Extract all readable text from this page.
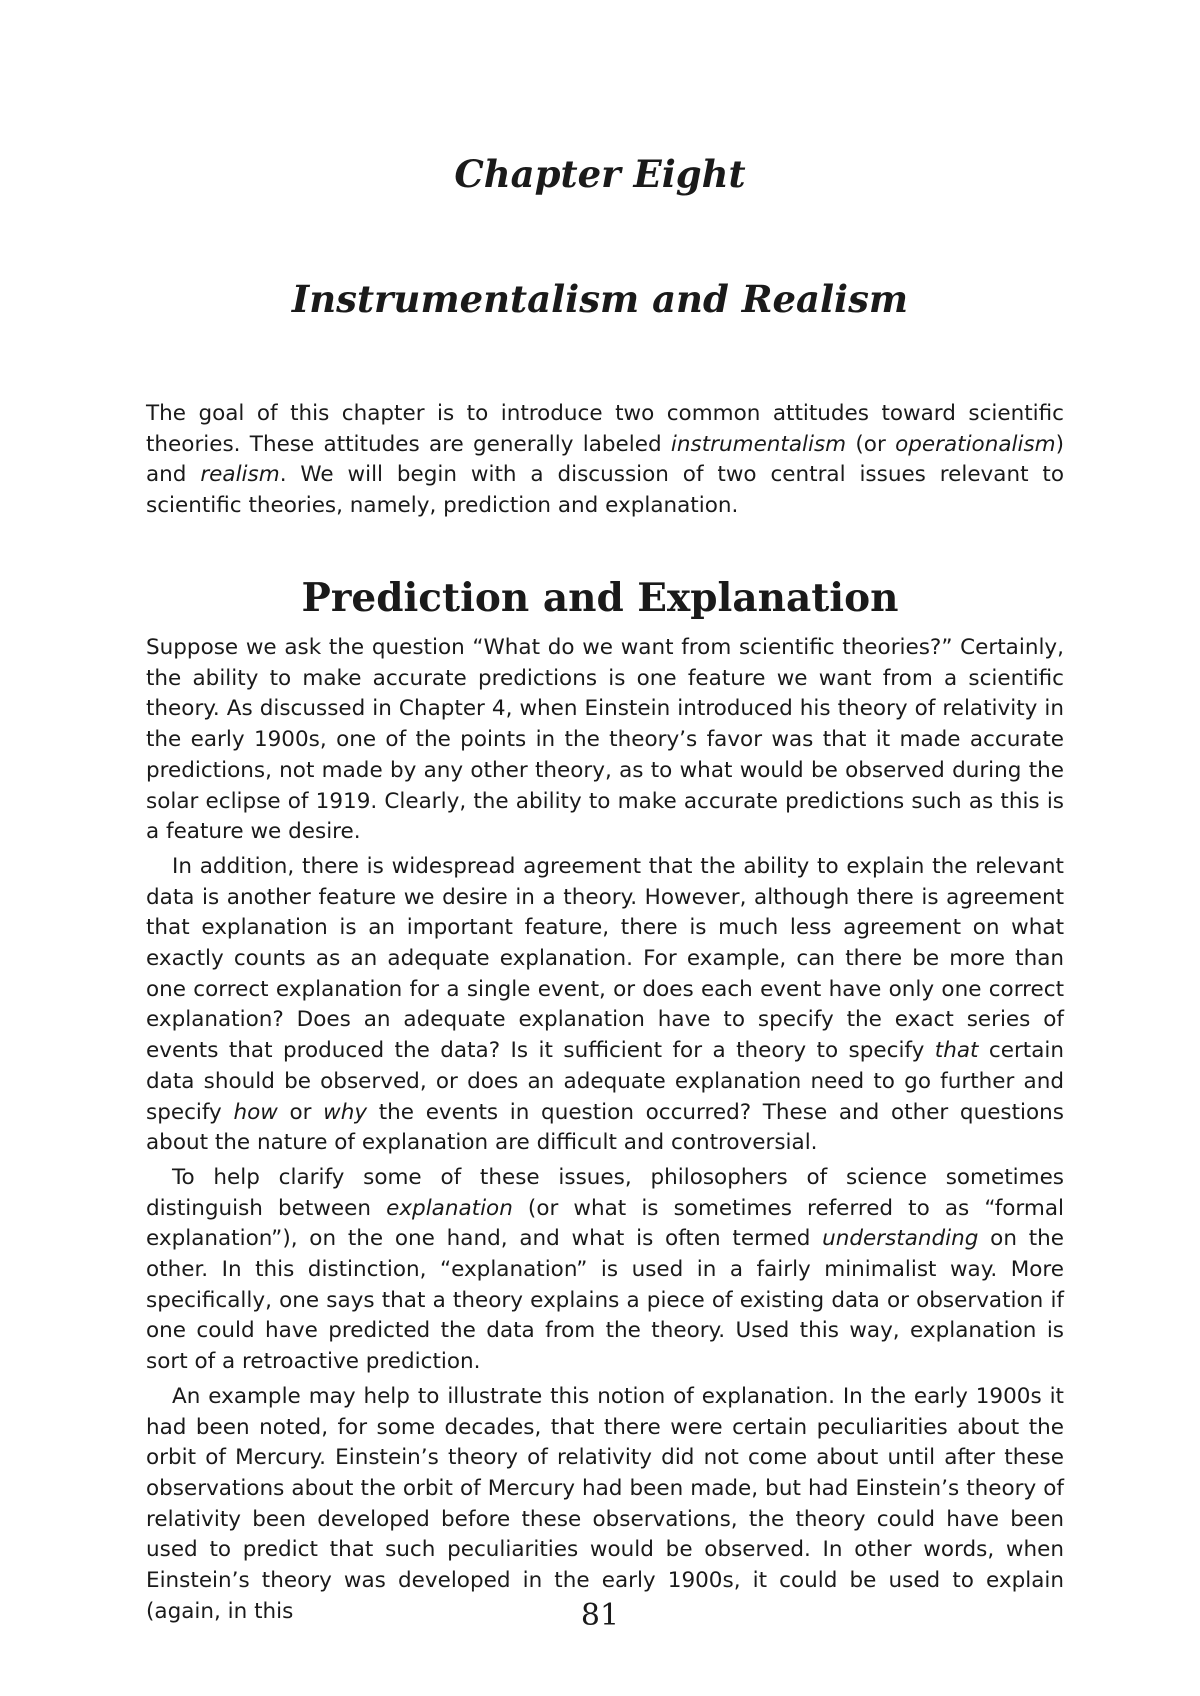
Chapter Eight
Instrumentalism and Realism

The goal of this chapter is to introduce two common attitudes toward scientific theories. These attitudes are generally labeled instrumentalism (or operationalism) and realism. We will begin with a discussion of two central issues relevant to scientific theories, namely, prediction and explanation.

Prediction and Explanation

Suppose we ask the question “What do we want from scientific theories?” Certainly, the ability to make accurate predictions is one feature we want from a scientific theory. As discussed in Chapter 4, when Einstein introduced his theory of relativity in the early 1900s, one of the points in the theory’s favor was that it made accurate predictions, not made by any other theory, as to what would be observed during the solar eclipse of 1919. Clearly, the ability to make accurate predictions such as this is a feature we desire.

In addition, there is widespread agreement that the ability to explain the relevant data is another feature we desire in a theory. However, although there is agreement that explanation is an important feature, there is much less agreement on what exactly counts as an adequate explanation. For example, can there be more than one correct explanation for a single event, or does each event have only one correct explanation? Does an adequate explanation have to specify the exact series of events that produced the data? Is it sufficient for a theory to specify that certain data should be observed, or does an adequate explanation need to go further and specify how or why the events in question occurred? These and other questions about the nature of explanation are difficult and controversial.

To help clarify some of these issues, philosophers of science sometimes distinguish between explanation (or what is sometimes referred to as “formal explanation”), on the one hand, and what is often termed understanding on the other. In this distinction, “explanation” is used in a fairly minimalist way. More specifically, one says that a theory explains a piece of existing data or observation if one could have predicted the data from the theory. Used this way, explanation is sort of a retroactive prediction.

An example may help to illustrate this notion of explanation. In the early 1900s it had been noted, for some decades, that there were certain peculiarities about the orbit of Mercury. Einstein’s theory of relativity did not come about until after these observations about the orbit of Mercury had been made, but had Einstein’s theory of relativity been developed before these observations, the theory could have been used to predict that such peculiarities would be observed. In other words, when Einstein’s theory was developed in the early 1900s, it could be used to explain (again, in this	81
